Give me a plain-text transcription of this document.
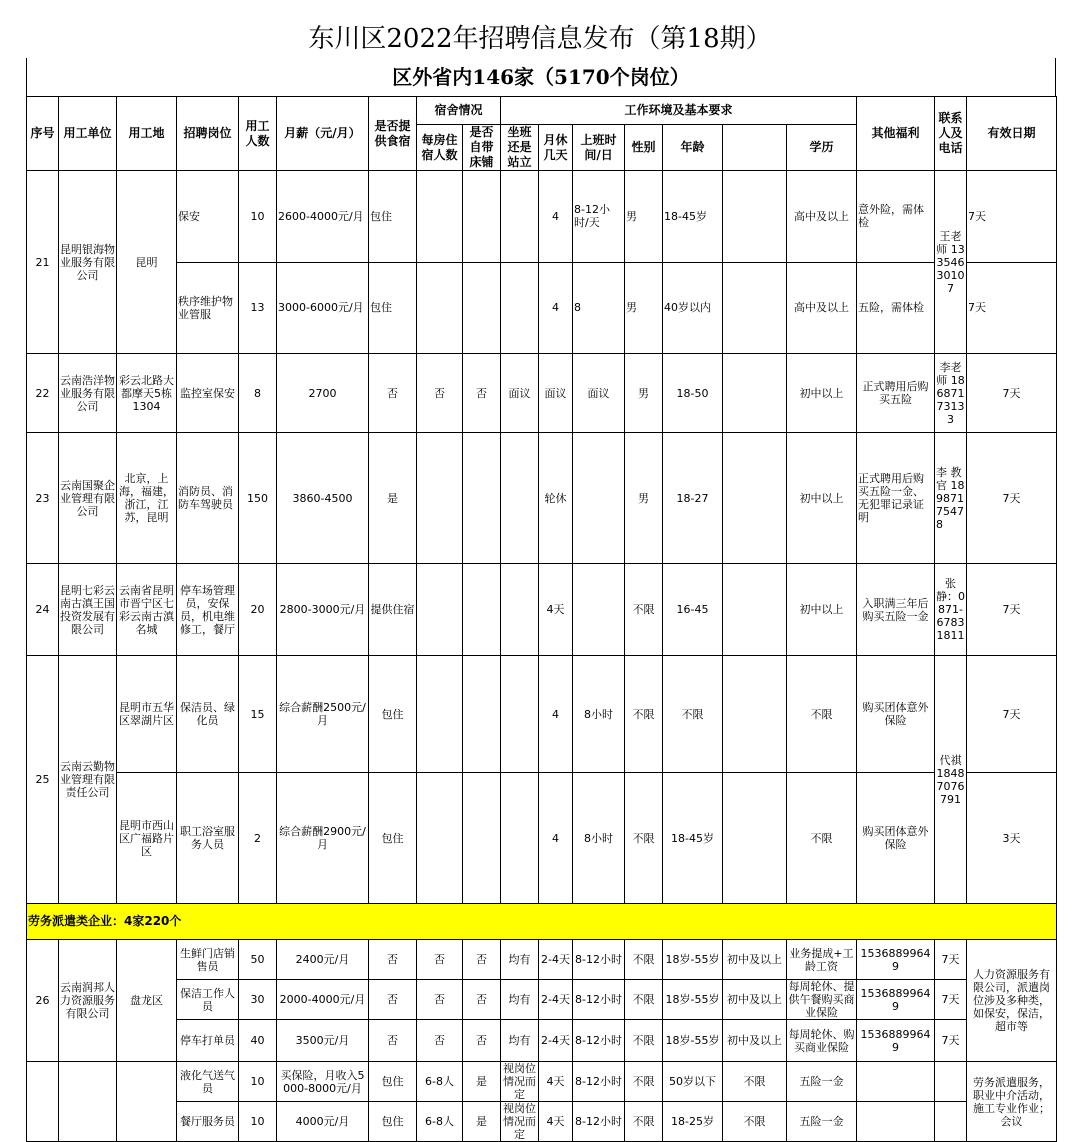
东川区2022年招聘信息发布（第18期）
区外省内146家（5170个岗位）
序号	用工单位	用工地	招聘岗位	用工人数	月薪（元/月）	是否提供食宿	宿舍情况		工作环境及基本要求							其他福利	联系人及电话	有效日期	
							每房住宿人数	是否自带床铺	坐班还是站立	月休几天	上班时间/日	性别	年龄		学历				
21	昆明银海物业服务有限公司	昆明	保安	10	2600-4000元/月	包住				4	8-12小时/天	男	18-45岁		高中及以上	意外险，需体检	王老师 13354630107	7天	
			秩序维护物业管服	13	3000-6000元/月	包住				4	8	男	40岁以内		高中及以上	五险，需体检		7天	
22	云南浩洋物业服务有限公司	彩云北路大都摩天5栋1304	监控室保安	8	2700	否	否	否	面议	面议	面议	男	18-50		初中以上	正式聘用后购买五险	李老师 18687173133	7天	
23	云南国聚企业管理有限公司	北京，上海，福建，浙江，江苏，昆明	消防员、消防车驾驶员	150	3860-4500	是				轮休		男	18-27		初中以上	正式聘用后购买五险一金、无犯罪记录证明	李 教 官 18987175478	7天	
24	昆明七彩云南古滇王国投资发展有限公司	云南省昆明市晋宁区七彩云南古滇名城	停车场管理员，安保员，机电维修工，餐厅	20	2800-3000元/月	提供住宿				4天		不限	16-45		初中以上	入职满三年后购买五险一金	张静：0871-67831811	7天	
25	云南云勤物业管理有限责任公司	昆明市五华区翠湖片区	保洁员、绿化员	15	综合薪酬2500元/月	包住				4	8小时	不限	不限		不限	购买团体意外保险	代祺 18487076791	7天	
		昆明市西山区广福路片区	职工浴室服务人员	2	综合薪酬2900元/月	包住				4	8小时	不限	18-45岁		不限	购买团体意外保险		3天	
劳务派遣类企业：4家220个																			
26	云南润邦人力资源服务有限公司	盘龙区	生鲜门店销售员	50	2400元/月	否	否	否	均有	2-4天	8-12小时	不限	18岁-55岁	初中及以上	业务提成+工龄工资	15368899649	7天	人力资源服务有限公司，派遣岗位涉及多种类，如保安，保洁，超市等	
			保洁工作人员	30	2000-4000元/月	否	否	否	均有	2-4天	8-12小时	不限	18岁-55岁	初中及以上	每周轮休、提供午餐购买商业保险	15368899649	7天		
			停车打单员	40	3500元/月	否	否	否	均有	2-4天	8-12小时	不限	18岁-55岁	初中及以上	每周轮休、购买商业保险	15368899649	7天		
			液化气送气员	10	买保险，月收入5000-8000元/月	包住	6-8人	是	视岗位情况而定	4天	8-12小时	不限	50岁以下	不限	五险一金			劳务派遣服务，职业中介活动，施工专业作业；会议	
			餐厅服务员	10	4000元/月	包住	6-8人	是	视岗位情况而定	4天	8-12小时	不限	18-25岁	不限	五险一金				
